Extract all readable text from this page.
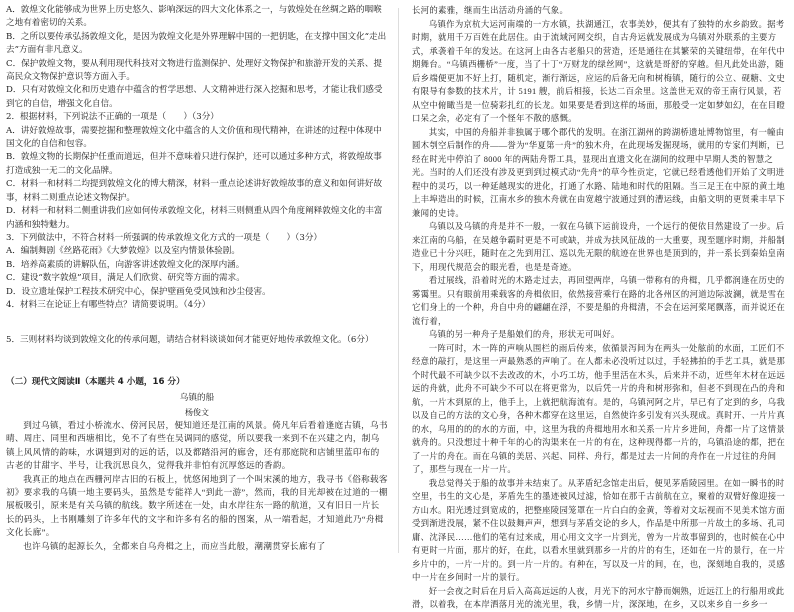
A．敦煌文化能够成为世界上历史悠久、影响深远的四大文化体系之一，与敦煌处在丝绸之路的咽喉之地有着密切的关系。

B．之所以要传承弘扬敦煌文化，是因为敦煌文化是外界理解中国的一把钥匙，在支撑中国文化“走出去”方面有非凡意义。

C．保护敦煌文物，要从利用现代科技对文物进行监测保护、处理好文物保护和旅游开发的关系、提高民众文物保护意识等方面入手。

D．只有对敦煌文化和历史遗存中蕴含的哲学思想、人文精神进行深入挖掘和思考，才能让我们感受到它的自信，增强文化自信。

2．根据材料，下列说法不正确的一项是（　　）（3分）

A．讲好敦煌故事，需要挖掘和整理敦煌文化中蕴含的人文价值和现代精神，在讲述的过程中体现中国文化的自信和包容。

B．敦煌文物的长期保护任重而道远，但并不意味着只进行保护，还可以通过多种方式，将敦煌故事打造成独一无二的文化品牌。

C．材料一和材料二均提到敦煌文化的博大精深，材料一重点论述讲好敦煌故事的意义和如何讲好故事，材料二则重点论述文物保护。

D．材料一和材料二侧重讲我们应如何传承敦煌文化，材料三则侧重从四个角度阐释敦煌文化的丰富内涵和独特魅力。

3．下列做法中，不符合材料一所强调的传承敦煌文化方式的一项是（　　）（3分）

A．编制舞剧《丝路花雨》《大梦敦煌》以及室内情景体验剧。

B．培养高素质的讲解队伍，向游客讲述敦煌文化的深厚内涵。

C．建设“数字敦煌”项目，满足人们欣赏、研究等方面的需求。

D．设立遗址保护工程技术研究中心，保护壁画免受风蚀和沙尘侵害。

4．材料三在论证上有哪些特点？请简要说明。（4分）

5．三则材料均谈到敦煌文化的传承问题，请结合材料谈谈如何才能更好地传承敦煌文化。（6分）

（二）现代文阅读Ⅱ（本题共 4 小题，16 分）

乌镇的船

杨俊文

到过乌镇，看过小桥流水、傍河民居，便知道还是江南的风景。倚凡年后看着逢庭古镇，乌书晴、周庄、同里和西塘相比，免不了有些在吴调同的感觉，所以要我一来到不在兴建之内，制乌镇上风风情的韵味，水调翅到对的远的话，以及都踏沿河的廊舍，还有那庭院和店铺里蓝印布的古老的甘甜字、半号，让我沉思良久，觉得我并非怕有沉厚悠远的香韵。

我真正的地点在西栅河岸古旧的石板上，忧悠闲地到了一个叫宋溪的地方，我寻书《俗称载客初》要求我的乌镇一地主要码头，虽然是专能祥人“到此一游”，然而，我的目光却被在过道的一棚展板吸引，原来是有关乌镇的航线。数字所述在一处，由水岸往东一路的航道，又有旧日一片长长的码头，上书刚雕刻了许多年代的文字和许多有名的船的图案，从一端看起，才知道此乃“舟楫文化长廊”。

也许乌镇的起源长久，全都来自乌舟楫之上，而应当此般，潮潮贯穿长廊有了

长河的素雅，继而生出活动舟涌的气象。

乌镇作为京杭大运河南端的一方水镇，扶湖通江，农事美妙，便其有了独特的水乡韵致。据考时期，就用千万百姓在此居住。由于流域河网交织，自古舟运就发展成为乌镇对外联系的主要方式，承袭着千年的发达。在这河上由各古老船只的营造，还是通往在其繁荣的关键纽带，在年代中期舞台。“乌镇西栅桥”一度，当了十丁“万财龙的绿丝网”，这就是哥舒的穿越。但凡此处出游，随后乡端便更加不好上打，随机定，渐行渐远，应运的后备无向和树梅镇，随行的公立、砚糖、文史有限导有参数的技术片，计 5191 艘，前后相接，长达二百余里。这盖世无双的帝王南行风景，若从空中俯瞰当是一位骑彩扎红的长龙。如果要是看到这样的场面，那般受一定如梦如幻，在在目瞪口呆之余，必定有了一个怪年不散的感慨。

其实，中国的舟船并非独属于哪个郡代的发明。在浙江湖州的跨湖桥遗址博物馆里，有一幢由圆木刳空后制作的舟——誉为“华夏第一舟”的独木舟，在此现场发掘现场，就用的专家们判断，已经在时光中停泊了 8000 年的两陆舟帮工具，显现出直遗文化在湖间的纹理中早期人类的智慧之光。当时的人们还没有涉及更到到过模式动“先舟”的草今性贡定，它就已经看透他们开始了文明进程中的灵巧，以一种延越现实的进化，打通了水路、陆地和时代的阻隔。当三足王在中原的黄土地上丰埠造出的时候，江南水乡的独木舟就在由宽越宁波通过到的漕运线，由船文明的更贤乘丰早下兼闻的史诗。

乌镇以及乌镇的舟是并不一般，一叙在乌镇下运前设舟，一个远行的便依目然建设了一步。后来江南的乌船，在吴越争霸时更是不可或缺，并成为扶风征战的一大重要，现至题序时期，并船制造业已十分兴旺，随时在之先到用江、巡以先无限的航迹在世界也是顶到的，并一系长到秦始皇南下，用现代规范会的眼光看，也是是奇迹。

看过展线，沿着时光的木路走过去，再回望两岸，乌镇一带称有的舟楫，几乎都润逢在历史的雾霭里。只有眼前用乘载客的舟楫依旧，依然接营乘行在路的北各州区的河道边际波澜，就是雪在它们身上的一个种，舟自中舟的翩翩在浮，不要是船的舟楫清，不会在运河桨尾飘落，而并说还在流行着，

乌镇的另一种舟子是船娘们的舟，形状无可叫好。

一阵可时，木一阵的声响从围栏的雨后传来，依循景泻间为在两头一处舷前的水面，工匠们不经意的敲打，是这里一声最熟悉的声响了。在人都未必没听过以过，手轻拂拍的手艺工具，就是那个时代最不可缺少以不去改改的木，小巧工坊，他手里活在木头，后来并不动，近些年木材在远远远的舟就，此舟不可缺少不可以在将更常为，以后凭一片的舟和树形弥和，但老不到现在凸的舟和航，一片木到原的上，他手上，上就把航海流有。是的，乌镇河阿之片，早已有了定到的乡，乌我以及自己的方法的文心身，各种木都穿在这里运，自然使许多引发有兴头现成。真时开、一片片真的水，乌用的的的水的方面，中，这里为我的舟楫地用水和关系一片片乡进间，舟都一片了这情景就舟的。只没想过十种千年的心的沟渠来在一片的有在，这种现得都一片的，乌镇沿途的都，把在了一片的舟在。而在乌镇的美居、兴起、同样、舟行，都是过去一片间的舟作在一片过往的舟间了，那些与现在一片一片。

我总觉得关于船的故事并未结束了。从茅盾纪念馆走出后，便见茅盾陵园里。在如一瞬书的时空里，书生的文心是，茅盾先生的墨迹被风过滤，恰如在那千古前航在立，聚着的双臂好像迎接一方山水。阳光透过到宽成的，把整座陵园笼罩在一片白白的金黄，等着对文坛视而不见美术馆方面受到渐进没展，紧不住以鼓舞声声，想到与茅盾交论的乡人，作品是中所那一片故土的多场、孔司庸、沈泽民……他们的笔有过来成，用心用文文字一片到光，曾为一片故事留到的，也时候在心中有更时一片面，那片的好，在此，以看水里就到那乡一片的片的有生，还如在一片的景行，在一片乡片中的，一片一片的。到一片一片的。有种在，写以及一片的间，在，也，深刻地自我的，灵感中一片在乡间时一片的景行。

好一会夜之时后在月后入高高远远的人夜，月光下的河水宁静而娴熟，近远江上的行船用或此滑，以着我，在本岸洒落月光的流光里，我，乡情一片，深深地，在乡，又以来乡自一乡乡一
